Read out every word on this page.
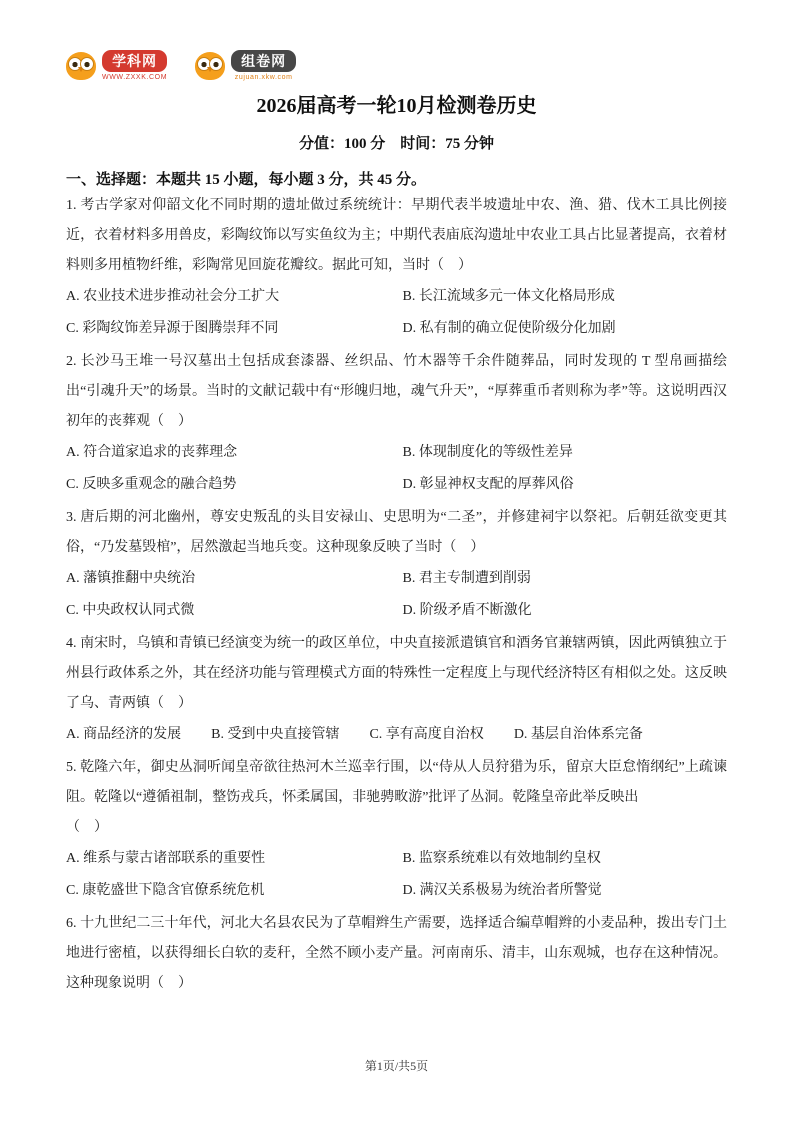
学科网
WWW.ZXXK.COM
组卷网
zujuan.xkw.com
2026届高考一轮10月检测卷历史
分值：100 分　时间：75 分钟
一、选择题：本题共 15 小题，每小题 3 分，共 45 分。

1. 考古学家对仰韶文化不同时期的遗址做过系统统计：早期代表半坡遗址中农、渔、猎、伐木工具比例接近，衣着材料多用兽皮，彩陶纹饰以写实鱼纹为主；中期代表庙底沟遗址中农业工具占比显著提高，衣着材料则多用植物纤维，彩陶常见回旋花瓣纹。据此可知，当时（　）

A. 农业技术进步推动社会分工扩大	B. 长江流域多元一体文化格局形成
C. 彩陶纹饰差异源于图腾崇拜不同	D. 私有制的确立促使阶级分化加剧

2. 长沙马王堆一号汉墓出土包括成套漆器、丝织品、竹木器等千余件随葬品，同时发现的 T 型帛画描绘出“引魂升天”的场景。当时的文献记载中有“形魄归地，魂气升天”，“厚葬重币者则称为孝”等。这说明西汉初年的丧葬观（　）

A. 符合道家追求的丧葬理念	B. 体现制度化的等级性差异
C. 反映多重观念的融合趋势	D. 彰显神权支配的厚葬风俗

3. 唐后期的河北幽州，尊安史叛乱的头目安禄山、史思明为“二圣”，并修建祠宇以祭祀。后朝廷欲变更其俗，“乃发墓毁棺”，居然激起当地兵变。这种现象反映了当时（　）

A. 藩镇推翻中央统治	B. 君主专制遭到削弱
C. 中央政权认同式微	D. 阶级矛盾不断激化

4. 南宋时，乌镇和青镇已经演变为统一的政区单位，中央直接派遣镇官和酒务官兼辖两镇，因此两镇独立于州县行政体系之外，其在经济功能与管理模式方面的特殊性一定程度上与现代经济特区有相似之处。这反映了乌、青两镇（　）

A. 商品经济的发展 B. 受到中央直接管辖 C. 享有高度自治权 D. 基层自治体系完备

5. 乾隆六年，御史丛洞听闻皇帝欲往热河木兰巡幸行围，以“侍从人员狩猎为乐，留京大臣怠惰纲纪”上疏谏阻。乾隆以“遵循祖制，整饬戎兵，怀柔属国，非驰骋畋游”批评了丛洞。乾隆皇帝此举反映出

（　）

A. 维系与蒙古诸部联系的重要性	B. 监察系统难以有效地制约皇权
C. 康乾盛世下隐含官僚系统危机	D. 满汉关系极易为统治者所警觉

6. 十九世纪二三十年代，河北大名县农民为了草帽辫生产需要，选择适合编草帽辫的小麦品种，拨出专门土地进行密植，以获得细长白软的麦秆，全然不顾小麦产量。河南南乐、清丰，山东观城，也存在这种情况。这种现象说明（　）

第1页/共5页
